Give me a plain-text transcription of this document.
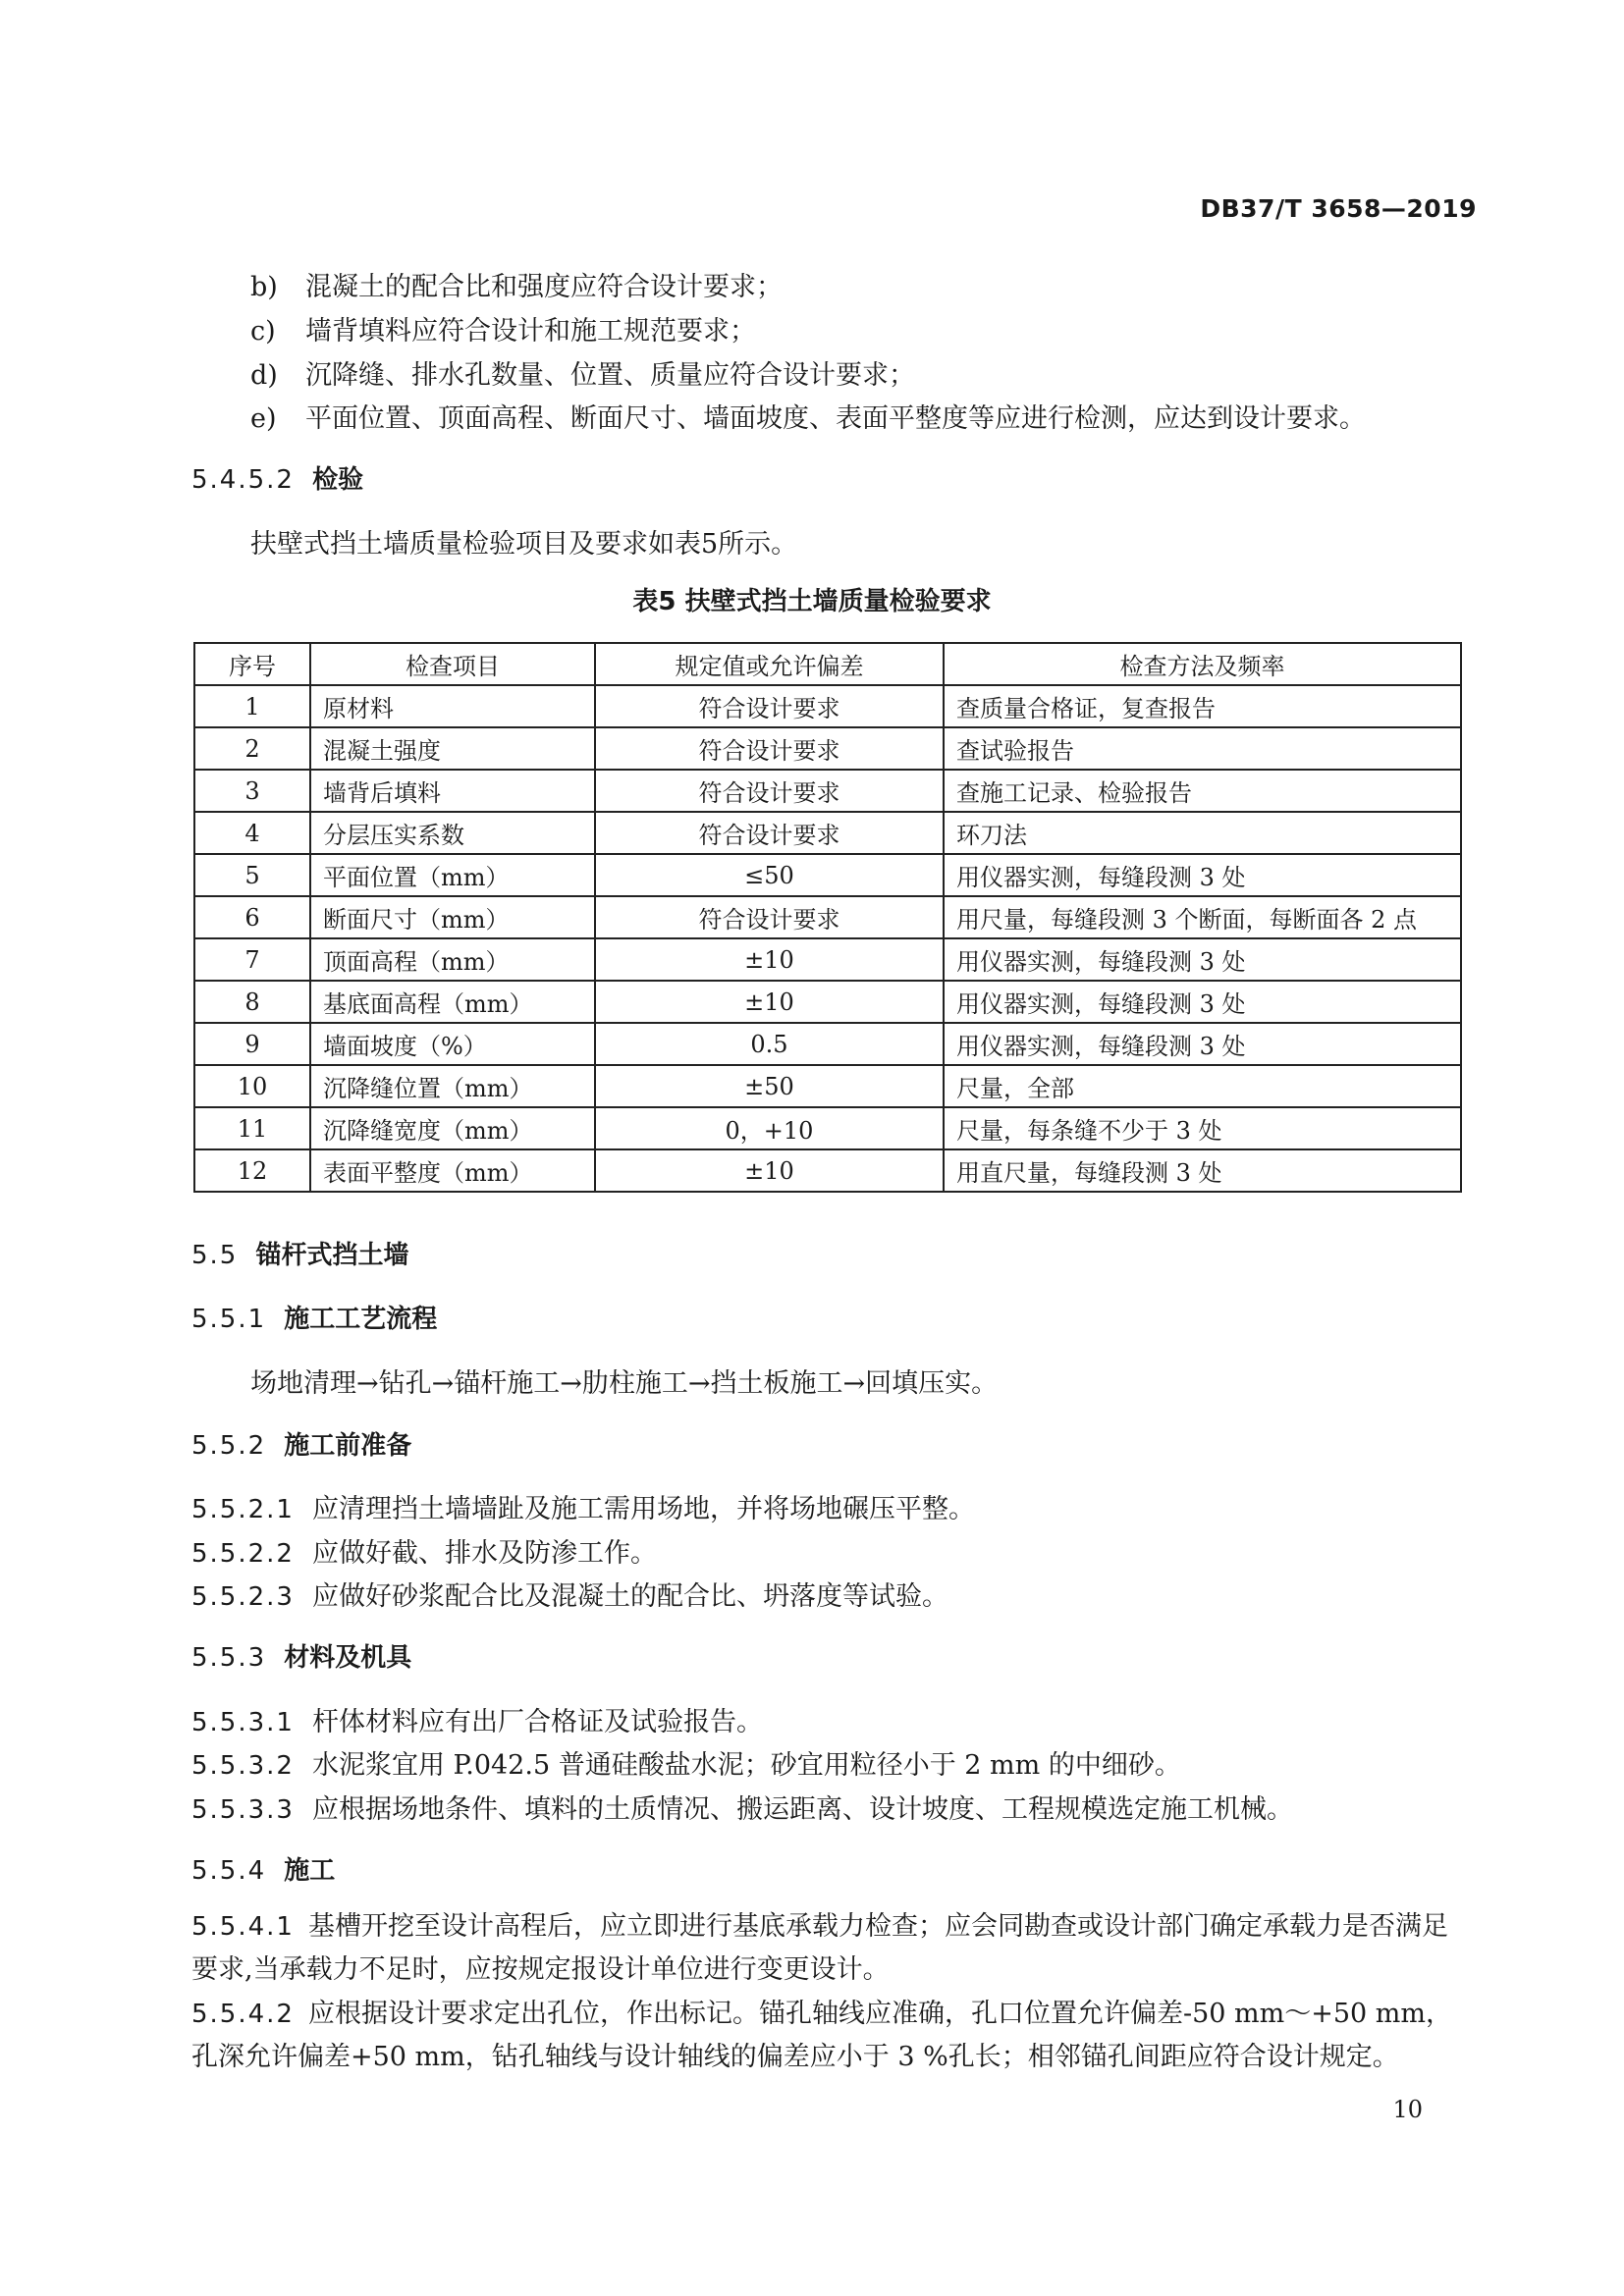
DB37/T 3658—2019
b) 混凝土的配合比和强度应符合设计要求；
c) 墙背填料应符合设计和施工规范要求；
d) 沉降缝、排水孔数量、位置、质量应符合设计要求；
e) 平面位置、顶面高程、断面尺寸、墙面坡度、表面平整度等应进行检测，应达到设计要求。
5.4.5.2 检验
扶壁式挡土墙质量检验项目及要求如表5所示。
表5 扶壁式挡土墙质量检验要求
序号	检查项目	规定值或允许偏差	检查方法及频率
1	原材料	符合设计要求	查质量合格证，复查报告
2	混凝土强度	符合设计要求	查试验报告
3	墙背后填料	符合设计要求	查施工记录、检验报告
4	分层压实系数	符合设计要求	环刀法
5	平面位置（mm）	≤50	用仪器实测，每缝段测 3 处
6	断面尺寸（mm）	符合设计要求	用尺量，每缝段测 3 个断面，每断面各 2 点
7	顶面高程（mm）	±10	用仪器实测，每缝段测 3 处
8	基底面高程（mm）	±10	用仪器实测，每缝段测 3 处
9	墙面坡度（%）	0.5	用仪器实测，每缝段测 3 处
10	沉降缝位置（mm）	±50	尺量，全部
11	沉降缝宽度（mm）	0，+10	尺量，每条缝不少于 3 处
12	表面平整度（mm）	±10	用直尺量，每缝段测 3 处
5.5 锚杆式挡土墙
5.5.1 施工工艺流程
场地清理→钻孔→锚杆施工→肋柱施工→挡土板施工→回填压实。
5.5.2 施工前准备
5.5.2.1 应清理挡土墙墙趾及施工需用场地，并将场地碾压平整。
5.5.2.2 应做好截、排水及防渗工作。
5.5.2.3 应做好砂浆配合比及混凝土的配合比、坍落度等试验。
5.5.3 材料及机具
5.5.3.1 杆体材料应有出厂合格证及试验报告。
5.5.3.2 水泥浆宜用 P.042.5 普通硅酸盐水泥；砂宜用粒径小于 2 mm 的中细砂。
5.5.3.3 应根据场地条件、填料的土质情况、搬运距离、设计坡度、工程规模选定施工机械。
5.5.4 施工
5.5.4.1 基槽开挖至设计高程后，应立即进行基底承载力检查；应会同勘查或设计部门确定承载力是否满足要求,当承载力不足时，应按规定报设计单位进行变更设计。
5.5.4.2 应根据设计要求定出孔位，作出标记。锚孔轴线应准确，孔口位置允许偏差-50 mm～+50 mm，孔深允许偏差+50 mm，钻孔轴线与设计轴线的偏差应小于 3 %孔长；相邻锚孔间距应符合设计规定。
10
